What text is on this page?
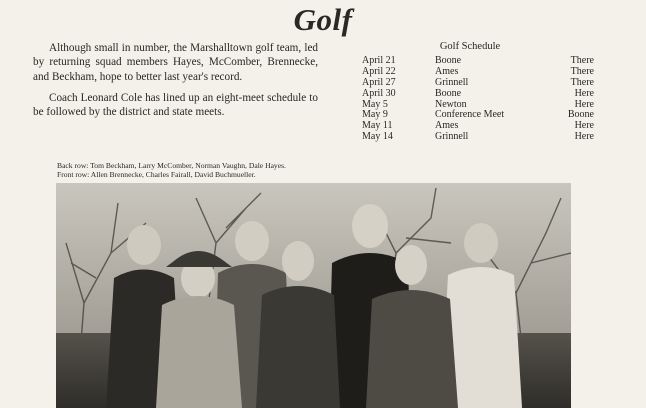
Golf

Although small in number, the Marshalltown golf team, led by returning squad members Hayes, McComber, Brennecke, and Beckham, hope to better last year's record.

Coach Leonard Cole has lined up an eight-meet schedule to be followed by the district and state meets.

Golf Schedule
April 21	Boone	There
April 22	Ames	There
April 27	Grinnell	There
April 30	Boone	Here
May 5	Newton	Here
May 9	Conference Meet	Boone
May 11	Ames	Here
May 14	Grinnell	Here
Back row: Tom Beckham, Larry McComber, Norman Vaughn, Dale Hayes.
Front row: Allen Brennecke, Charles Fairall, David Buchmueller.
